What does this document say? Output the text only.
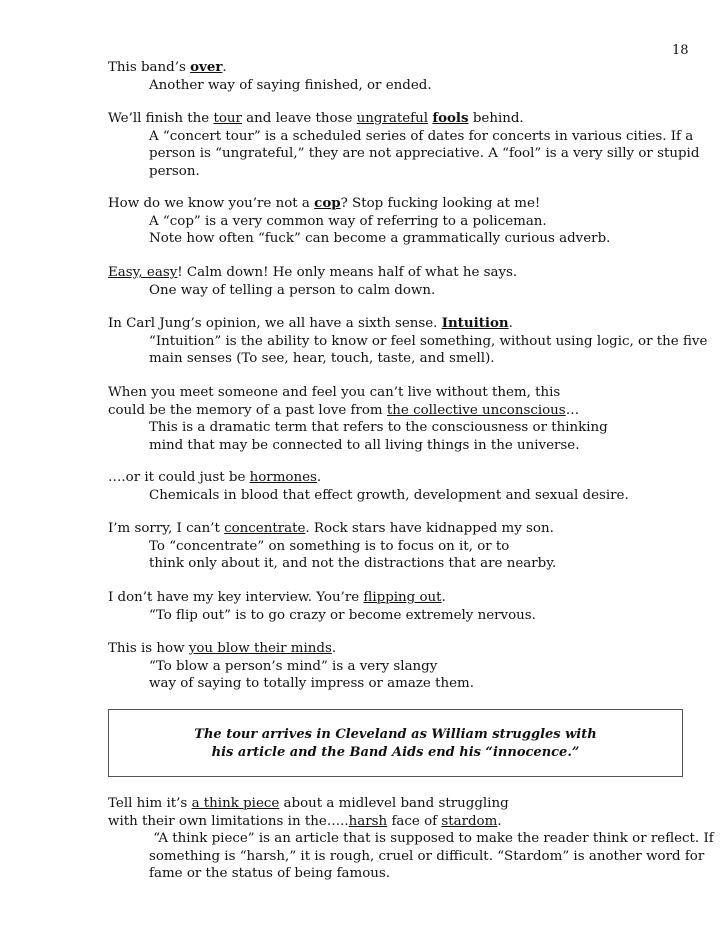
18
This band’s over.
Another way of saying finished, or ended.
We’ll finish the tour and leave those ungrateful fools behind.
A “concert tour” is a scheduled series of dates for concerts in various cities. If a
person is “ungrateful,” they are not appreciative. A “fool” is a very silly or stupid
person.
How do we know you’re not a cop? Stop fucking looking at me!
A “cop” is a very common way of referring to a policeman.
Note how often “fuck” can become a grammatically curious adverb.
Easy, easy! Calm down! He only means half of what he says.
One way of telling a person to calm down.
In Carl Jung’s opinion, we all have a sixth sense. Intuition.
“Intuition” is the ability to know or feel something, without using logic, or the five
main senses (To see, hear, touch, taste, and smell).
When you meet someone and feel you can’t live without them, this
could be the memory of a past love from the collective unconscious…
This is a dramatic term that refers to the consciousness or thinking
mind that may be connected to all living things in the universe.
….or it could just be hormones.
Chemicals in blood that effect growth, development and sexual desire.
I’m sorry, I can’t concentrate. Rock stars have kidnapped my son.
To “concentrate” on something is to focus on it, or to
think only about it, and not the distractions that are nearby.
I don’t have my key interview. You’re flipping out.
“To flip out” is to go crazy or become extremely nervous.
This is how you blow their minds.
“To blow a person’s mind” is a very slangy
way of saying to totally impress or amaze them.
The tour arrives in Cleveland as William struggles with
his article and the Band Aids end his “innocence.”
Tell him it’s a think piece about a midlevel band struggling
with their own limitations in the…..harsh face of stardom.
“A think piece” is an article that is supposed to make the reader think or reflect. If
something is “harsh,” it is rough, cruel or difficult. “Stardom” is another word for
fame or the status of being famous.
